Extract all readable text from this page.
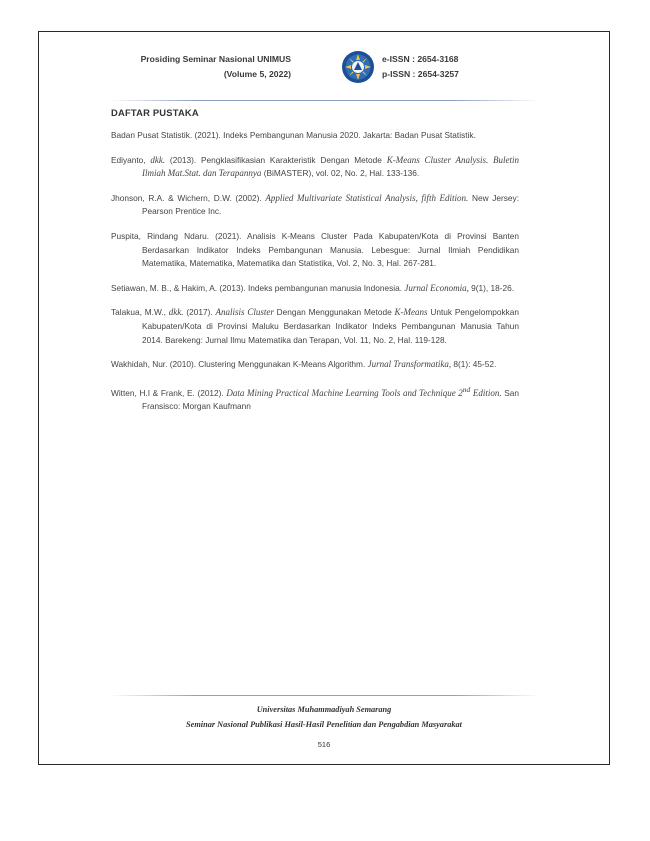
Prosiding Seminar Nasional UNIMUS
(Volume 5, 2022)
e-ISSN : 2654-3168
p-ISSN : 2654-3257
DAFTAR PUSTAKA

Badan Pusat Statistik. (2021). Indeks Pembangunan Manusia 2020. Jakarta: Badan Pusat Statistik.

Ediyanto, dkk. (2013). Pengklasifikasian Karakteristik Dengan Metode K-Means Cluster Analysis. Buletin Ilmiah Mat.Stat. dan Terapannya (BiMASTER), vol. 02, No. 2, Hal. 133-136.

Jhonson, R.A. & Wichern, D.W. (2002). Applied Multivariate Statistical Analysis, fifth Edition. New Jersey: Pearson Prentice Inc.

Puspita, Rindang Ndaru. (2021). Analisis K-Means Cluster Pada Kabupaten/Kota di Provinsi Banten Berdasarkan Indikator Indeks Pembangunan Manusia. Lebesgue: Jurnal Ilmiah Pendidikan Matematika, Matematika, Matematika dan Statistika, Vol. 2, No. 3, Hal. 267-281.

Setiawan, M. B., & Hakim, A. (2013). Indeks pembangunan manusia Indonesia. Jurnal Economia, 9(1), 18-26.

Talakua, M.W., dkk. (2017). Analisis Cluster Dengan Menggunakan Metode K-Means Untuk Pengelompokkan Kabupaten/Kota di Provinsi Maluku Berdasarkan Indikator Indeks Pembangunan Manusia Tahun 2014. Barekeng: Jurnal Ilmu Matematika dan Terapan, Vol. 11, No. 2, Hal. 119-128.

Wakhidah, Nur. (2010). Clustering Menggunakan K-Means Algorithm. Jurnal Transformatika, 8(1): 45-52.

Witten, H.I & Frank, E. (2012). Data Mining Practical Machine Learning Tools and Technique 2nd Edition. San Fransisco: Morgan Kaufmann

Universitas Muhammadiyah Semarang
Seminar Nasional Publikasi Hasil-Hasil Penelitian dan Pengabdian Masyarakat
516
